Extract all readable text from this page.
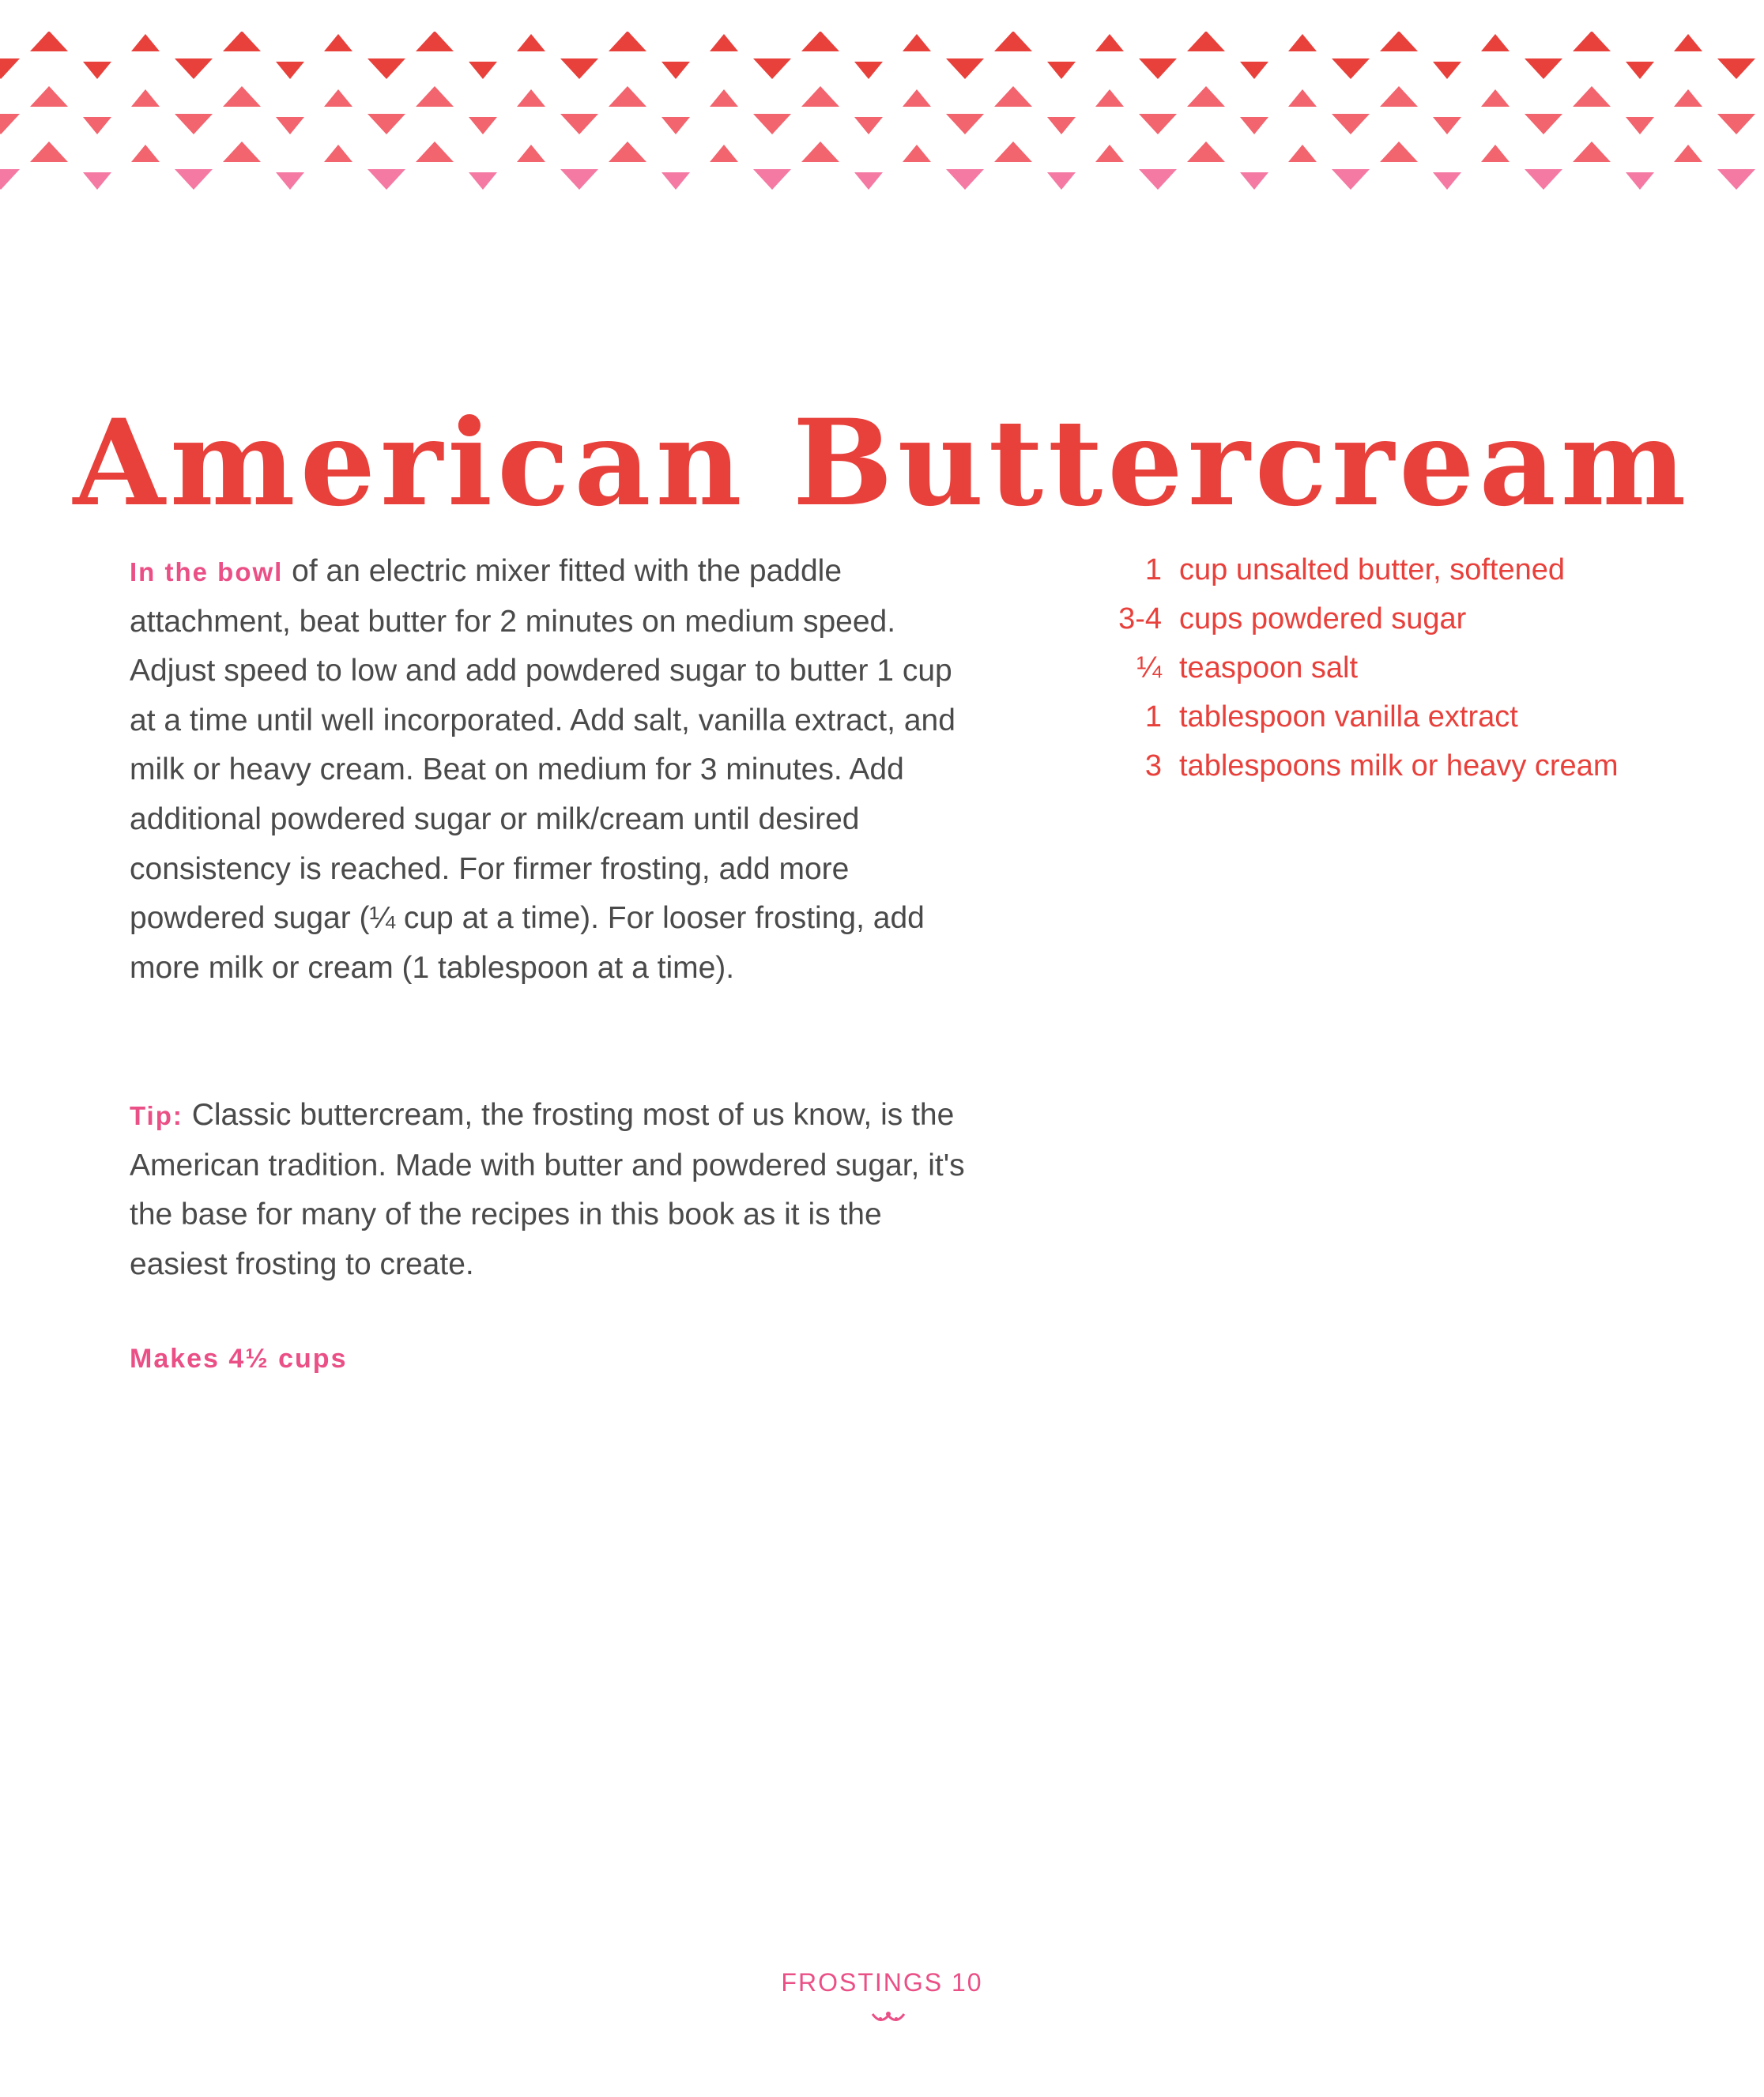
American Buttercream

In the bowl of an electric mixer fitted with the paddle attachment, beat butter for 2 minutes on medium speed. Adjust speed to low and add powdered sugar to butter 1 cup at a time until well incorporated. Add salt, vanilla extract, and milk or heavy cream. Beat on medium for 3 minutes. Add additional powdered sugar or milk/cream until desired consistency is reached. For firmer frosting, add more powdered sugar (¼ cup at a time). For looser frosting, add more milk or cream (1 tablespoon at a time).

Tip: Classic buttercream, the frosting most of us know, is the American tradition. Made with butter and powdered sugar, it's the base for many of the recipes in this book as it is the easiest frosting to create.

Makes 4½ cups
1 cup unsalted butter, softened
3-4 cups powdered sugar
¼ teaspoon salt
1 tablespoon vanilla extract
3 tablespoons milk or heavy cream
FROSTINGS 10
